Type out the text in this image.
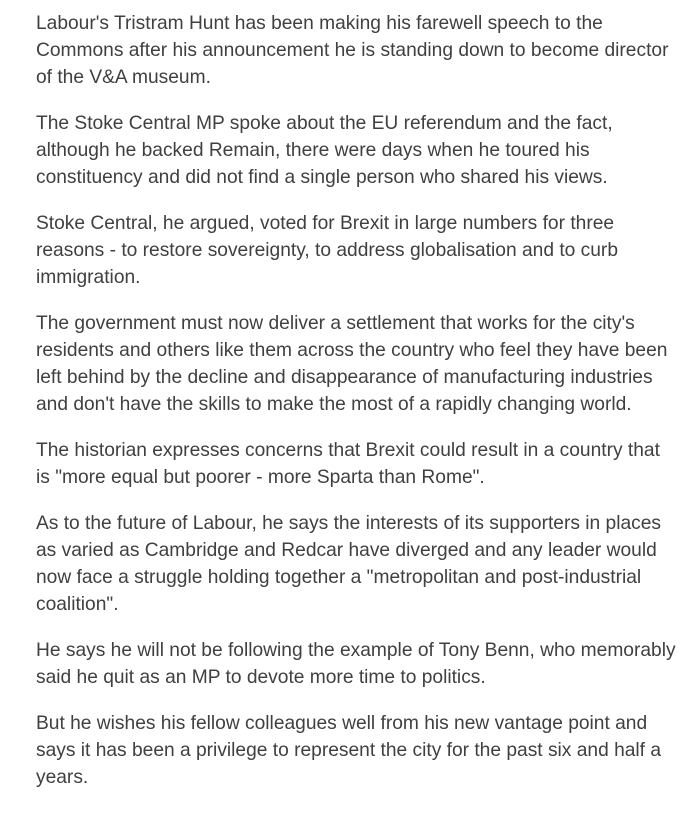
Labour's Tristram Hunt has been making his farewell speech to the Commons after his announcement he is standing down to become director of the V&A museum.

The Stoke Central MP spoke about the EU referendum and the fact, although he backed Remain, there were days when he toured his constituency and did not find a single person who shared his views.

Stoke Central, he argued, voted for Brexit in large numbers for three reasons - to restore sovereignty, to address globalisation and to curb immigration.

The government must now deliver a settlement that works for the city's residents and others like them across the country who feel they have been left behind by the decline and disappearance of manufacturing industries and don't have the skills to make the most of a rapidly changing world.

The historian expresses concerns that Brexit could result in a country that is "more equal but poorer - more Sparta than Rome".

As to the future of Labour, he says the interests of its supporters in places as varied as Cambridge and Redcar have diverged and any leader would now face a struggle holding together a "metropolitan and post-industrial coalition".

He says he will not be following the example of Tony Benn, who memorably said he quit as an MP to devote more time to politics.

But he wishes his fellow colleagues well from his new vantage point and says it has been a privilege to represent the city for the past six and half a years.
